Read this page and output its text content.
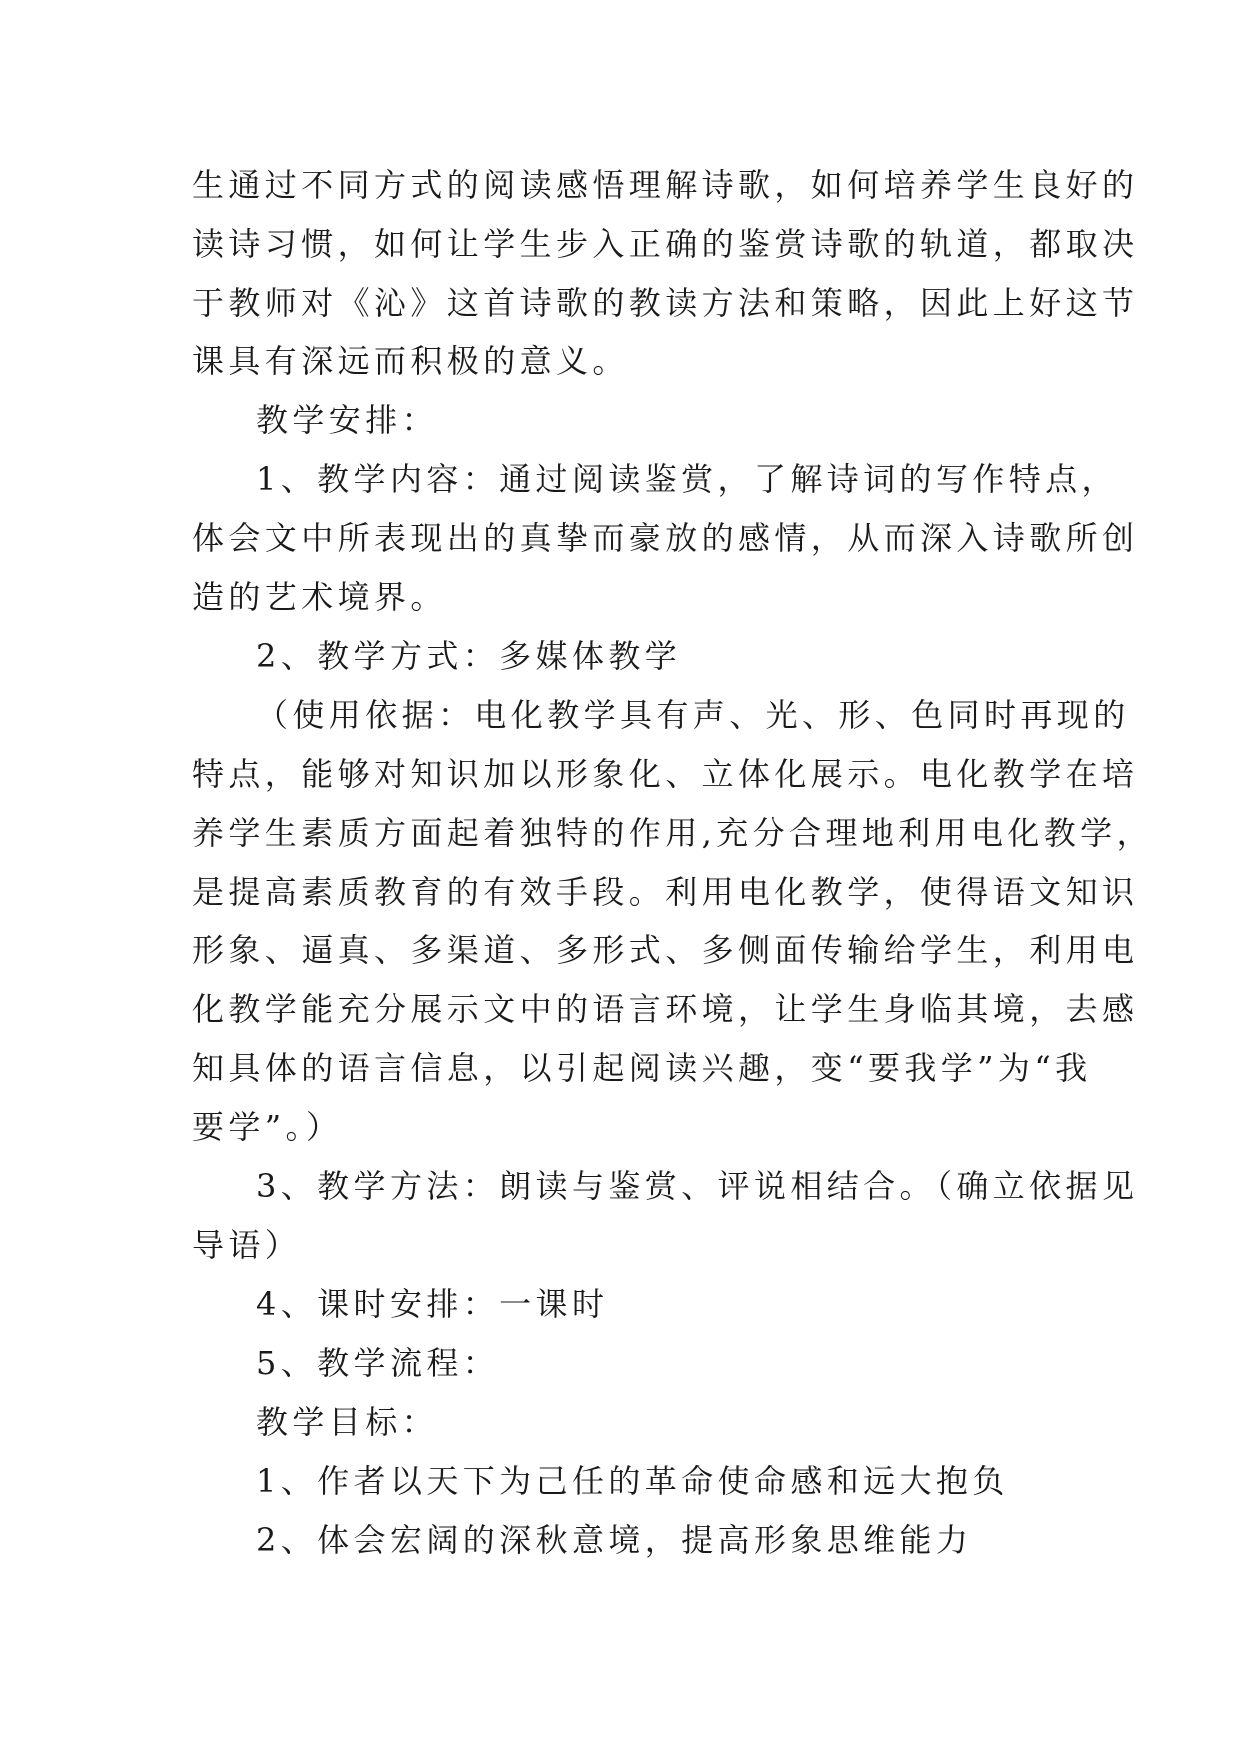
生通过不同方式的阅读感悟理解诗歌，如何培养学生良好的
读诗习惯，如何让学生步入正确的鉴赏诗歌的轨道，都取决
于教师对《沁》这首诗歌的教读方法和策略，因此上好这节
课具有深远而积极的意义。
教学安排：
1、教学内容：通过阅读鉴赏，了解诗词的写作特点，
体会文中所表现出的真挚而豪放的感情，从而深入诗歌所创
造的艺术境界。
2、教学方式：多媒体教学
（使用依据：电化教学具有声、光、形、色同时再现的
特点，能够对知识加以形象化、立体化展示。电化教学在培
养学生素质方面起着独特的作用,充分合理地利用电化教学，
是提高素质教育的有效手段。利用电化教学，使得语文知识
形象、逼真、多渠道、多形式、多侧面传输给学生，利用电
化教学能充分展示文中的语言环境，让学生身临其境，去感
知具体的语言信息，以引起阅读兴趣，变“要我学”为“我
要学”。）
3、教学方法：朗读与鉴赏、评说相结合。（确立依据见
导语）
4、课时安排：一课时
5、教学流程：
教学目标：
1、作者以天下为己任的革命使命感和远大抱负
2、体会宏阔的深秋意境，提高形象思维能力
